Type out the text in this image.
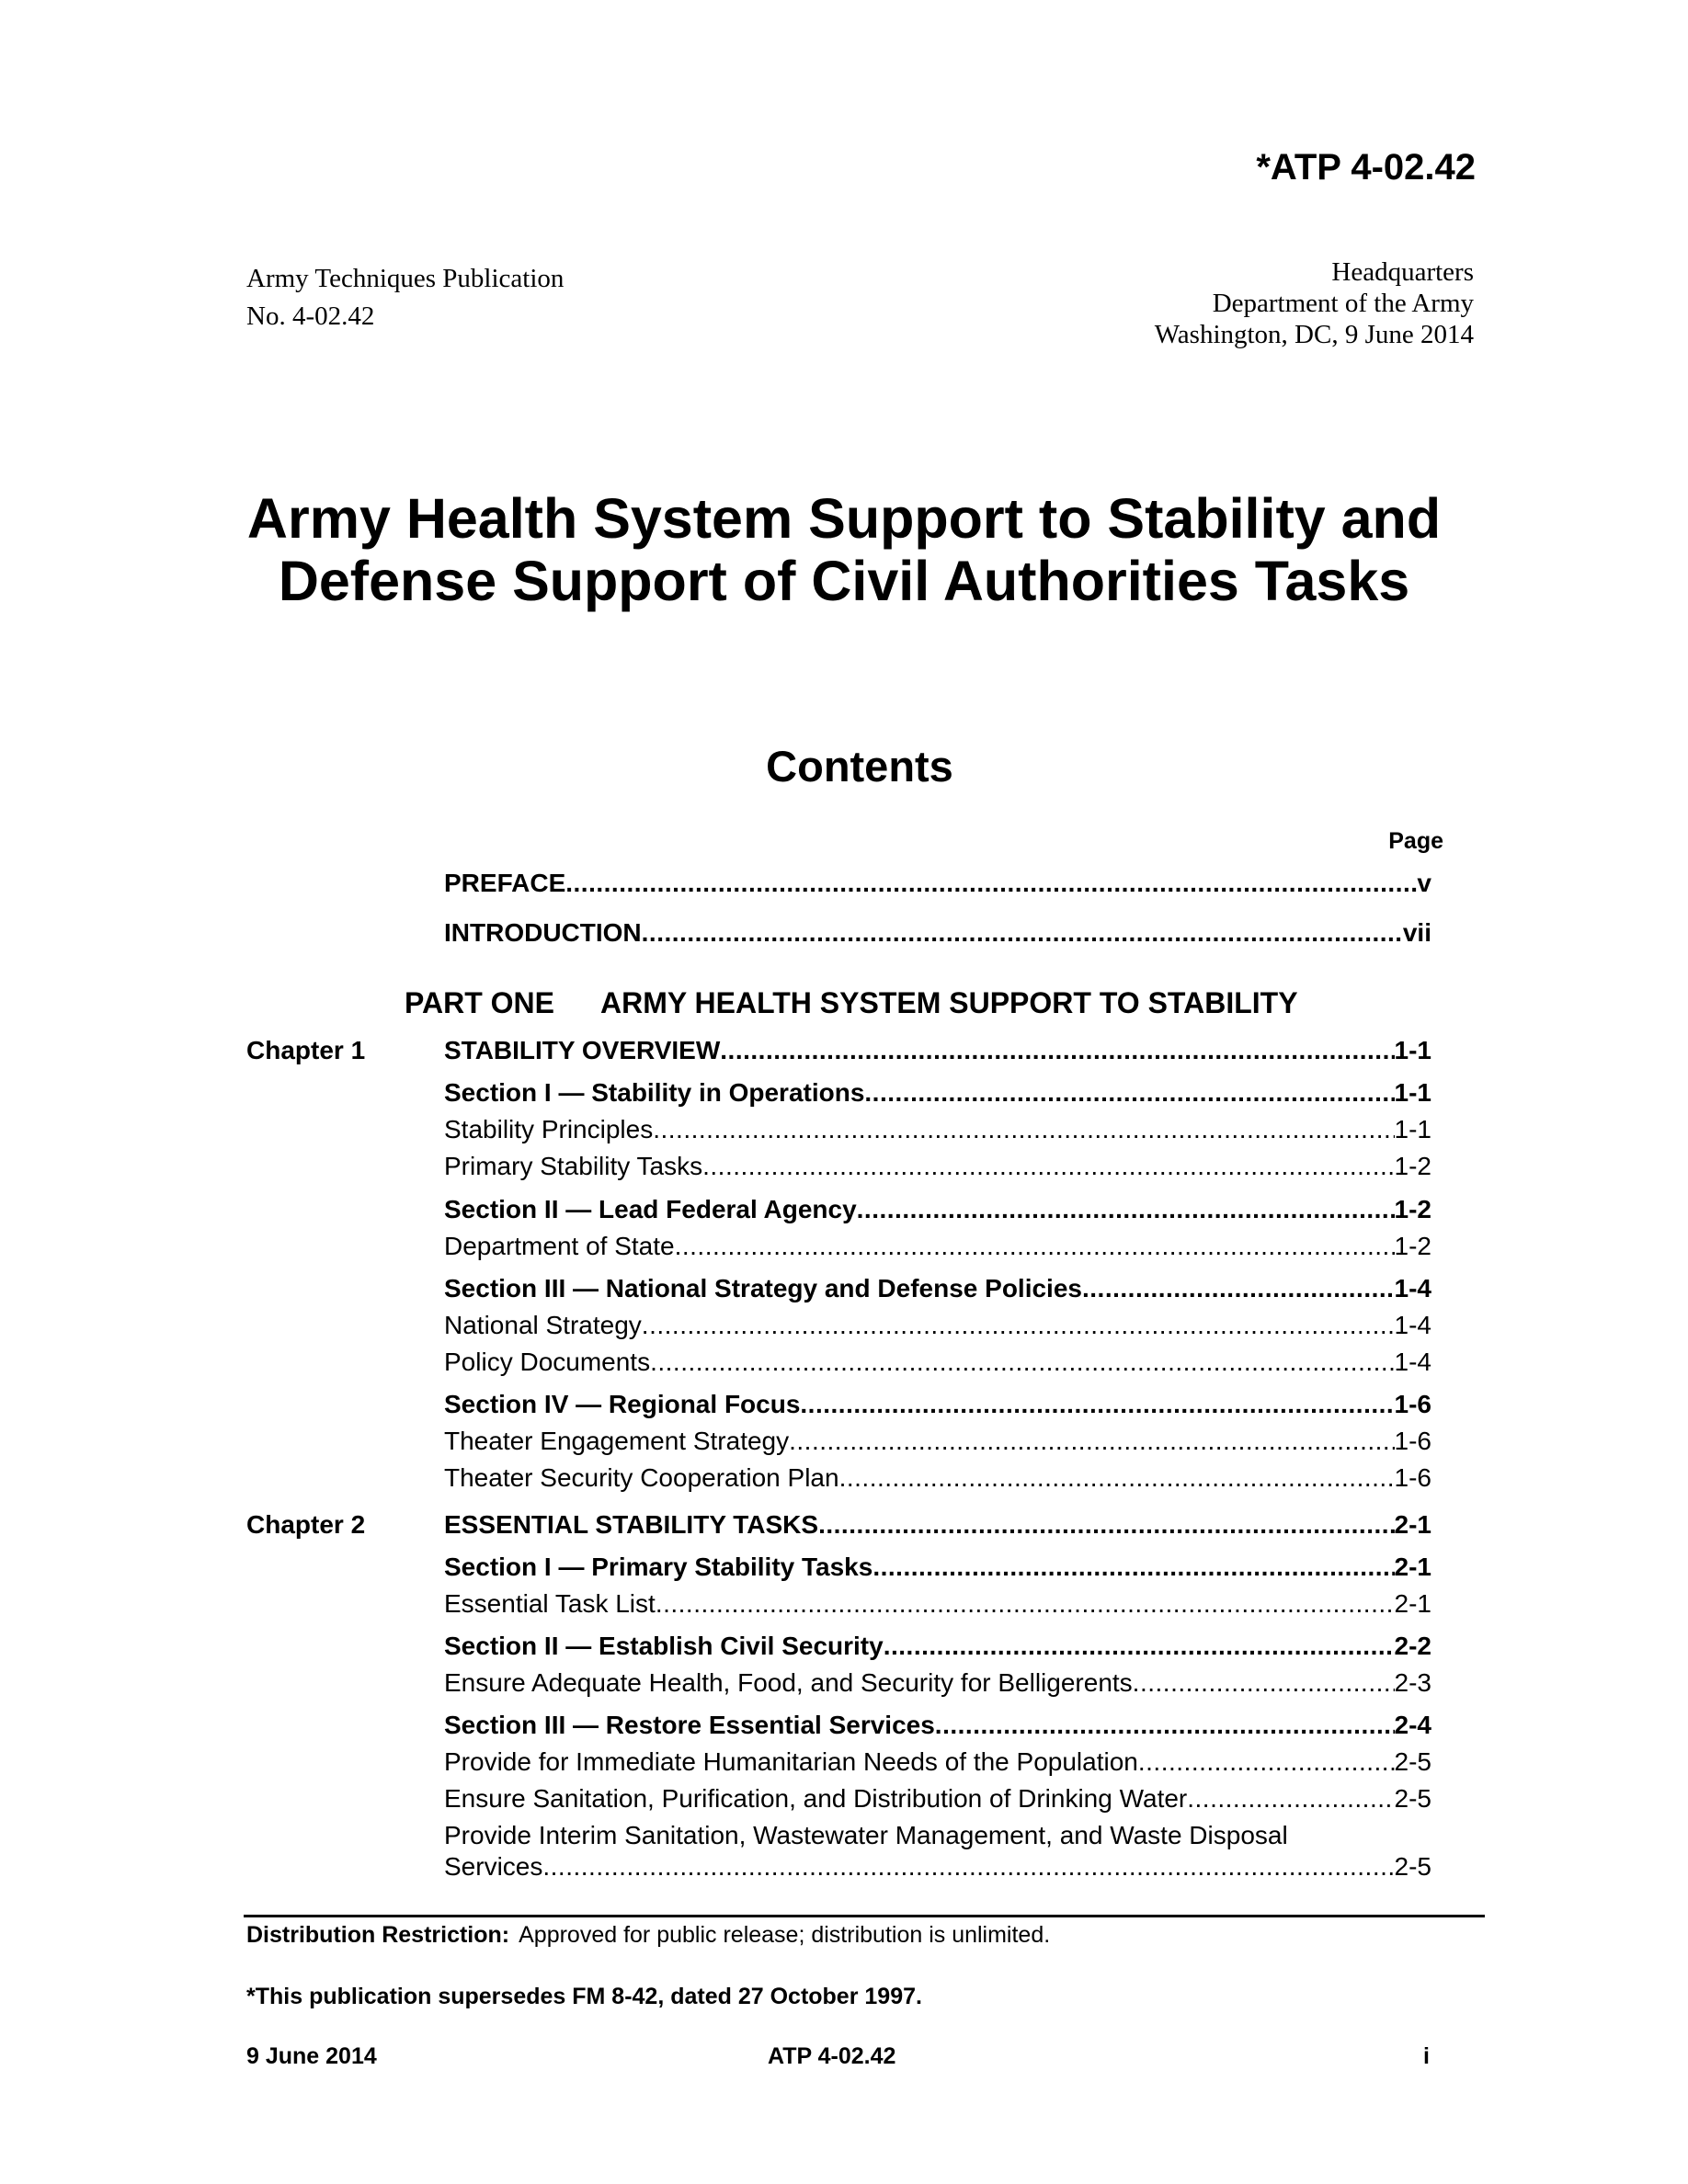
*ATP 4-02.42
Army Techniques Publication
No. 4-02.42
Headquarters
Department of the Army
Washington, DC, 9 June 2014
Army Health System Support to Stability and
Defense Support of Civil Authorities Tasks
Contents
Page
PREFACE .....	v
INTRODUCTION .....	vii
PART ONE ARMY HEALTH SYSTEM SUPPORT TO STABILITY
Chapter 1	STABILITY OVERVIEW .....	1-1
Section I — Stability in Operations .....	1-1
Stability Principles .....	1-1
Primary Stability Tasks .....	1-2
Section II — Lead Federal Agency .....	1-2
Department of State .....	1-2
Section III — National Strategy and Defense Policies .....	1-4
National Strategy .....	1-4
Policy Documents .....	1-4
Section IV — Regional Focus .....	1-6
Theater Engagement Strategy .....	1-6
Theater Security Cooperation Plan .....	1-6
Chapter 2	ESSENTIAL STABILITY TASKS .....	2-1
Section I — Primary Stability Tasks .....	2-1
Essential Task List .....	2-1
Section II — Establish Civil Security .....	2-2
Ensure Adequate Health, Food, and Security for Belligerents .....	2-3
Section III — Restore Essential Services .....	2-4
Provide for Immediate Humanitarian Needs of the Population .....	2-5
Ensure Sanitation, Purification, and Distribution of Drinking Water .....	2-5
Provide Interim Sanitation, Wastewater Management, and Waste Disposal
Services .....	2-5
Distribution Restriction: Approved for public release; distribution is unlimited.
*This publication supersedes FM 8-42, dated 27 October 1997.
9 June 2014	ATP 4-02.42	i
